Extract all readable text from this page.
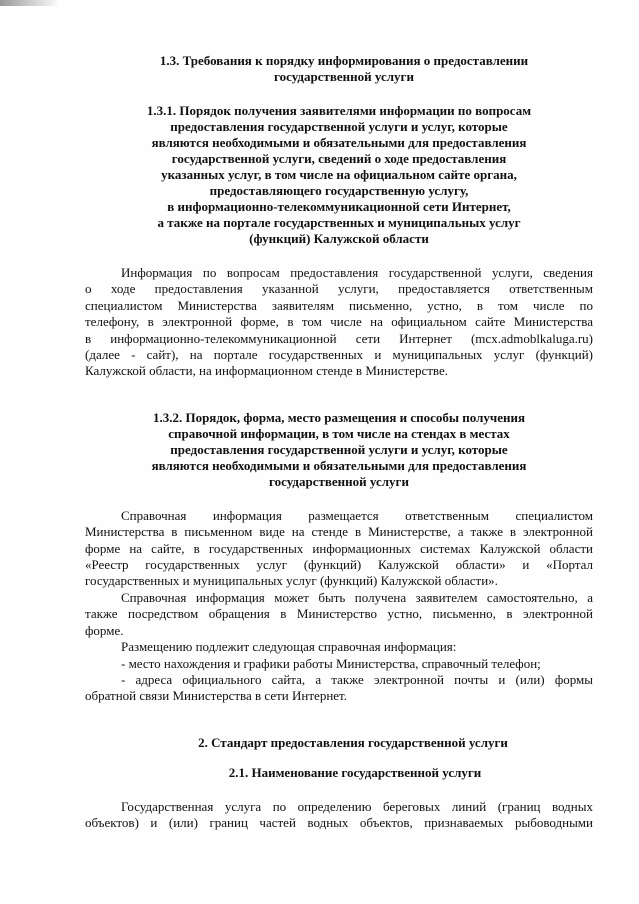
1.3. Требования к порядку информирования о предоставлении
государственной услуги
1.3.1. Порядок получения заявителями информации по вопросам
предоставления государственной услуги и услуг, которые
являются необходимыми и обязательными для предоставления
государственной услуги, сведений о ходе предоставления
указанных услуг, в том числе на официальном сайте органа,
предоставляющего государственную услугу,
в информационно-телекоммуникационной сети Интернет,
а также на портале государственных и муниципальных услуг
(функций) Калужской области
Информация по вопросам предоставления государственной услуги, сведения
о ходе предоставления указанной услуги, предоставляется ответственным
специалистом Министерства заявителям письменно, устно, в том числе по
телефону, в электронной форме, в том числе на официальном сайте Министерства
в информационно-телекоммуникационной сети Интернет (mcx.admoblkaluga.ru)
(далее - сайт), на портале государственных и муниципальных услуг (функций)
Калужской области, на информационном стенде в Министерстве.
1.3.2. Порядок, форма, место размещения и способы получения
справочной информации, в том числе на стендах в местах
предоставления государственной услуги и услуг, которые
являются необходимыми и обязательными для предоставления
государственной услуги
Справочная информация размещается ответственным специалистом
Министерства в письменном виде на стенде в Министерстве, а также в электронной
форме на сайте, в государственных информационных системах Калужской области
«Реестр государственных услуг (функций) Калужской области» и «Портал
государственных и муниципальных услуг (функций) Калужской области».
Справочная информация может быть получена заявителем самостоятельно, а
также посредством обращения в Министерство устно, письменно, в электронной
форме.
Размещению подлежит следующая справочная информация:
- место нахождения и графики работы Министерства, справочный телефон;
- адреса официального сайта, а также электронной почты и (или) формы
обратной связи Министерства в сети Интернет.
2. Стандарт предоставления государственной услуги
2.1. Наименование государственной услуги
Государственная услуга по определению береговых линий (границ водных
объектов) и (или) границ частей водных объектов, признаваемых рыбоводными
